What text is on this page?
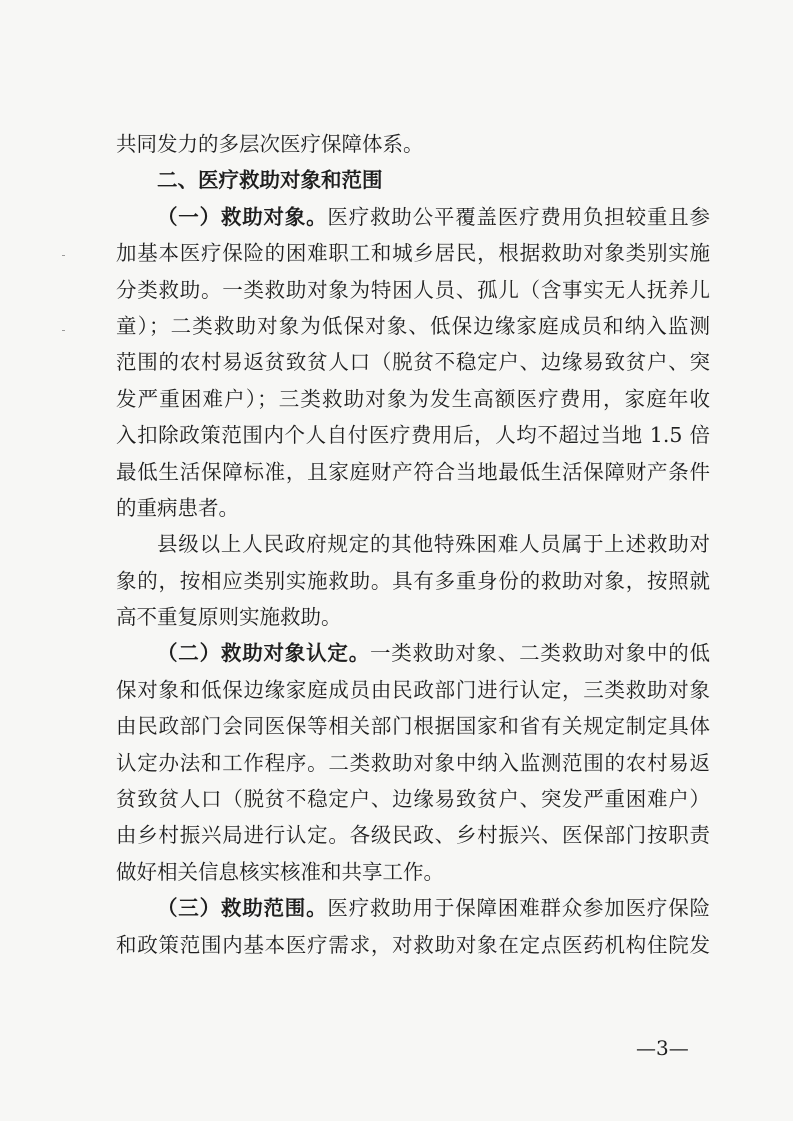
共同发力的多层次医疗保障体系。
二、医疗救助对象和范围
（一）救助对象。医疗救助公平覆盖医疗费用负担较重且参
加基本医疗保险的困难职工和城乡居民，根据救助对象类别实施
分类救助。一类救助对象为特困人员、孤儿（含事实无人抚养儿
童）；二类救助对象为低保对象、低保边缘家庭成员和纳入监测
范围的农村易返贫致贫人口（脱贫不稳定户、边缘易致贫户、突
发严重困难户）；三类救助对象为发生高额医疗费用，家庭年收
入扣除政策范围内个人自付医疗费用后，人均不超过当地 1.5 倍
最低生活保障标准，且家庭财产符合当地最低生活保障财产条件
的重病患者。
县级以上人民政府规定的其他特殊困难人员属于上述救助对
象的，按相应类别实施救助。具有多重身份的救助对象，按照就
高不重复原则实施救助。
（二）救助对象认定。一类救助对象、二类救助对象中的低
保对象和低保边缘家庭成员由民政部门进行认定，三类救助对象
由民政部门会同医保等相关部门根据国家和省有关规定制定具体
认定办法和工作程序。二类救助对象中纳入监测范围的农村易返
贫致贫人口（脱贫不稳定户、边缘易致贫户、突发严重困难户）
由乡村振兴局进行认定。各级民政、乡村振兴、医保部门按职责
做好相关信息核实核准和共享工作。
（三）救助范围。医疗救助用于保障困难群众参加医疗保险
和政策范围内基本医疗需求，对救助对象在定点医药机构住院发
—3—
